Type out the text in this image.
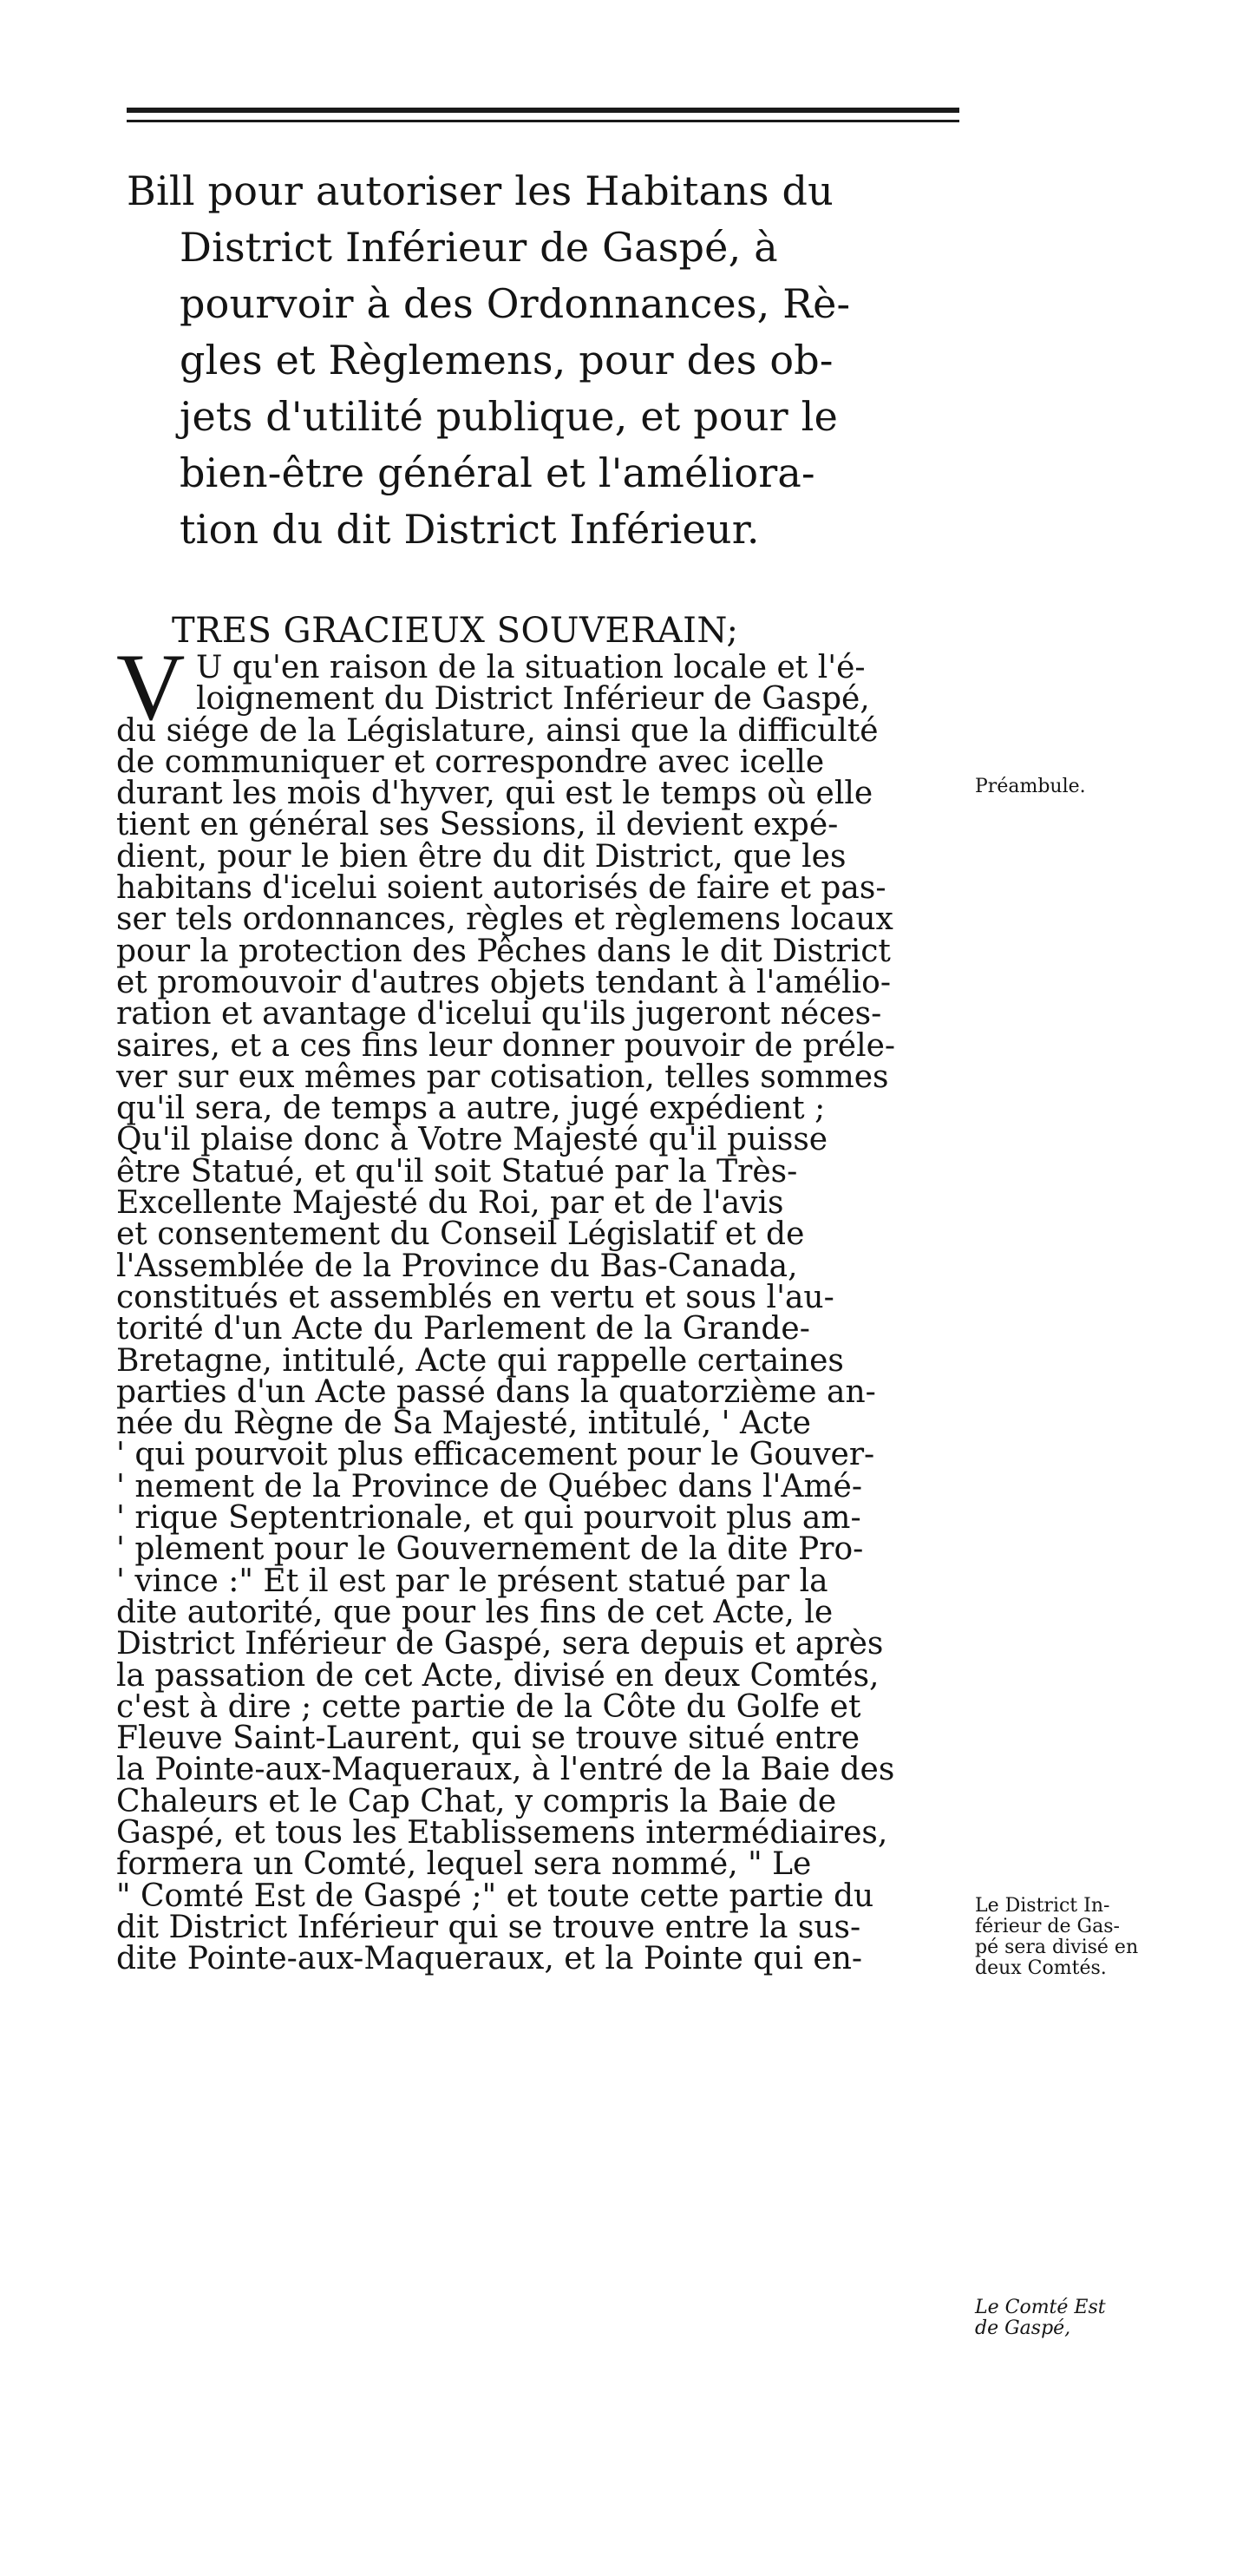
Bill pour autoriser les Habitans du
District Inférieur de Gaspé, à
pourvoir à des Ordonnances, Rè-
gles et Règlemens, pour des ob-
jets d'utilité publique, et pour le
bien-être général et l'améliora-
tion du dit District Inférieur.
TRES GRACIEUX SOUVERAIN;
V U qu'en raison de la situation locale et l'é-
loignement du District Inférieur de Gaspé,
du siége de la Législature, ainsi que la difficulté
de communiquer et correspondre avec icelle
durant les mois d'hyver, qui est le temps où elle
tient en général ses Sessions, il devient expé-
dient, pour le bien être du dit District, que les
habitans d'icelui soient autorisés de faire et pas-
ser tels ordonnances, règles et règlemens locaux
pour la protection des Pêches dans le dit District
et promouvoir d'autres objets tendant à l'amélio-
ration et avantage d'icelui qu'ils jugeront néces-
saires, et a ces fins leur donner pouvoir de préle-
ver sur eux mêmes par cotisation, telles sommes
qu'il sera, de temps a autre, jugé expédient ;
Qu'il plaise donc à Votre Majesté qu'il puisse
être Statué, et qu'il soit Statué par la Très-
Excellente Majesté du Roi, par et de l'avis
et consentement du Conseil Législatif et de
l'Assemblée de la Province du Bas-Canada,
constitués et assemblés en vertu et sous l'au-
torité d'un Acte du Parlement de la Grande-
Bretagne, intitulé, Acte qui rappelle certaines
parties d'un Acte passé dans la quatorzième an-
née du Règne de Sa Majesté, intitulé, ' Acte
' qui pourvoit plus efficacement pour le Gouver-
' nement de la Province de Québec dans l'Amé-
' rique Septentrionale, et qui pourvoit plus am-
' plement pour le Gouvernement de la dite Pro-
' vince :" Et il est par le présent statué par la
dite autorité, que pour les fins de cet Acte, le
District Inférieur de Gaspé, sera depuis et après
la passation de cet Acte, divisé en deux Comtés,
c'est à dire ; cette partie de la Côte du Golfe et
Fleuve Saint-Laurent, qui se trouve situé entre
la Pointe-aux-Maqueraux, à l'entré de la Baie des
Chaleurs et le Cap Chat, y compris la Baie de
Gaspé, et tous les Etablissemens intermédiaires,
formera un Comté, lequel sera nommé, " Le
" Comté Est de Gaspé ;" et toute cette partie du
dit District Inférieur qui se trouve entre la sus-
dite Pointe-aux-Maqueraux, et la Pointe qui en-
Préambule.
Le District In-
férieur de Gas-
pé sera divisé en
deux Comtés.
Le Comté Est
de Gaspé,
